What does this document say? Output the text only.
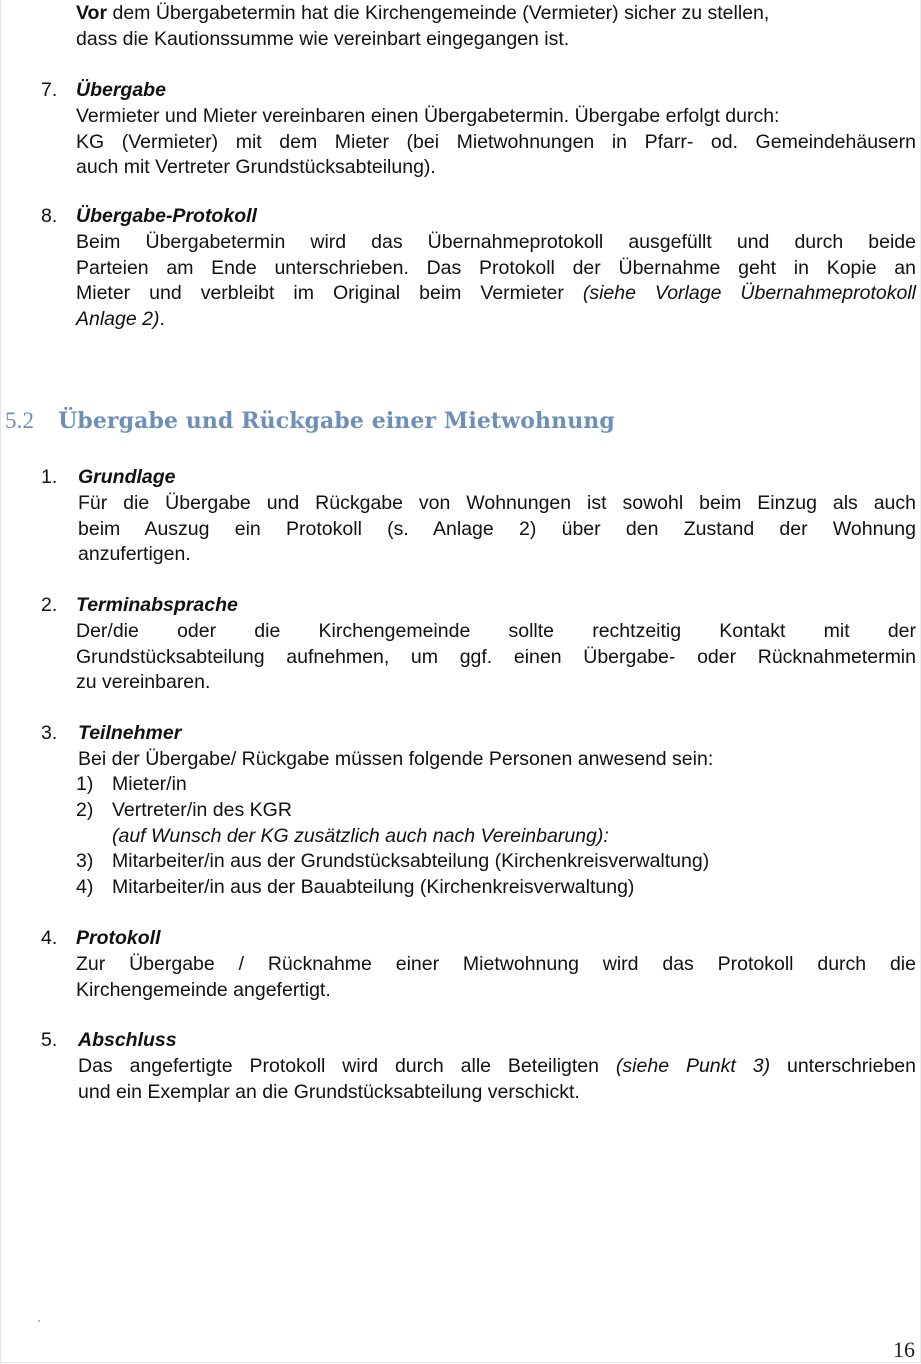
Vor dem Übergabetermin hat die Kirchengemeinde (Vermieter) sicher zu stellen,
dass die Kautionssumme wie vereinbart eingegangen ist.
7. Übergabe
Vermieter und Mieter vereinbaren einen Übergabetermin. Übergabe erfolgt durch:
KG (Vermieter) mit dem Mieter (bei Mietwohnungen in Pfarr- od. Gemeindehäusern
auch mit Vertreter Grundstücksabteilung).
8. Übergabe-Protokoll
Beim Übergabetermin wird das Übernahmeprotokoll ausgefüllt und durch beide
Parteien am Ende unterschrieben. Das Protokoll der Übernahme geht in Kopie an
Mieter und verbleibt im Original beim Vermieter (siehe Vorlage Übernahmeprotokoll
Anlage 2).
5.2 Übergabe und Rückgabe einer Mietwohnung
1. Grundlage
Für die Übergabe und Rückgabe von Wohnungen ist sowohl beim Einzug als auch
beim Auszug ein Protokoll (s. Anlage 2) über den Zustand der Wohnung
anzufertigen.
2. Terminabsprache
Der/die oder die Kirchengemeinde sollte rechtzeitig Kontakt mit der
Grundstücksabteilung aufnehmen, um ggf. einen Übergabe- oder Rücknahmetermin
zu vereinbaren.
3. Teilnehmer
Bei der Übergabe/ Rückgabe müssen folgende Personen anwesend sein:
1) Mieter/in
2) Vertreter/in des KGR
(auf Wunsch der KG zusätzlich auch nach Vereinbarung):
3) Mitarbeiter/in aus der Grundstücksabteilung (Kirchenkreisverwaltung)
4) Mitarbeiter/in aus der Bauabteilung (Kirchenkreisverwaltung)
4. Protokoll
Zur Übergabe / Rücknahme einer Mietwohnung wird das Protokoll durch die
Kirchengemeinde angefertigt.
5. Abschluss
Das angefertigte Protokoll wird durch alle Beteiligten (siehe Punkt 3) unterschrieben
und ein Exemplar an die Grundstücksabteilung verschickt.
16
